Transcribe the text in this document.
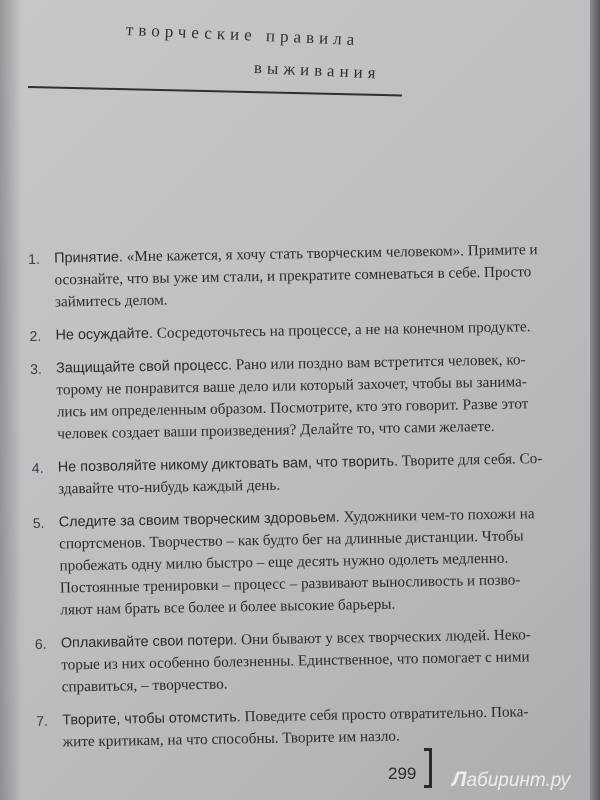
творческие правила
выживания
1. Принятие. «Мне кажется, я хочу стать творческим человеком». Примите и
осознайте, что вы уже им стали, и прекратите сомневаться в себе. Просто
займитесь делом.
2. Не осуждайте. Сосредоточьтесь на процессе, а не на конечном продукте.
3. Защищайте свой процесс. Рано или поздно вам встретится человек, ко-
торому не понравится ваше дело или который захочет, чтобы вы занима-
лись им определенным образом. Посмотрите, кто это говорит. Разве этот
человек создает ваши произведения? Делайте то, что сами желаете.
4. Не позволяйте никому диктовать вам, что творить. Творите для себя. Со-
здавайте что-нибудь каждый день.
5. Следите за своим творческим здоровьем. Художники чем-то похожи на
спортсменов. Творчество – как будто бег на длинные дистанции. Чтобы
пробежать одну милю быстро – еще десять нужно одолеть медленно.
Постоянные тренировки – процесс – развивают выносливость и позво-
ляют нам брать все более и более высокие барьеры.
6. Оплакивайте свои потери. Они бывают у всех творческих людей. Неко-
торые из них особенно болезненны. Единственное, что помогает с ними
справиться, – творчество.
7. Творите, чтобы отомстить. Поведите себя просто отвратительно. Пока-
жите критикам, на что способны. Творите им назло.
299 Лабиринт.ру
